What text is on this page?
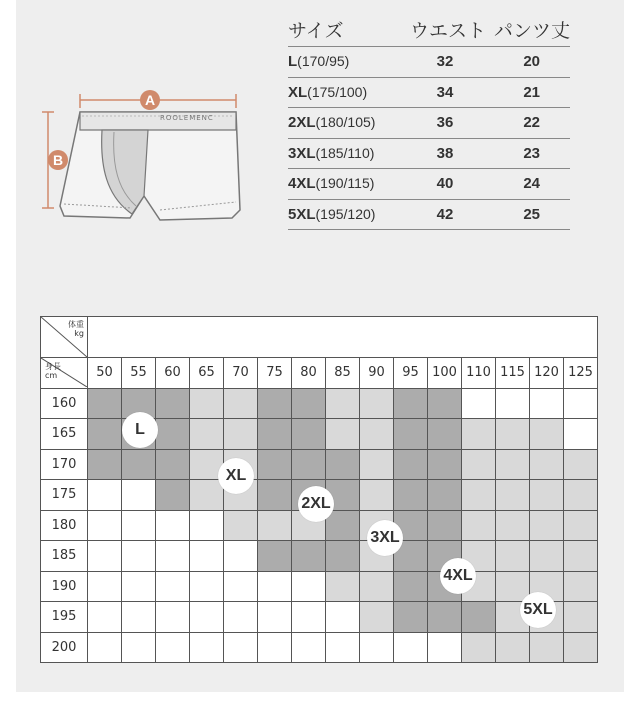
A
B
ROOLEMENC
サイズ	ウエスト パンツ丈
L(170/95)	32	20
XL(175/100)	34	21
2XL(180/105)	36	22
3XL(185/110)	38	23
4XL(190/115)	40	24
5XL(195/120)	42	25
体重
kg															

身長
cm	50	55	60	65	70	75	80	85	90	95	100	110	115	120	125
160															
165															
170															
175															
180															
185															
190															
195															
200															
L
XL
2XL
3XL
4XL
5XL
